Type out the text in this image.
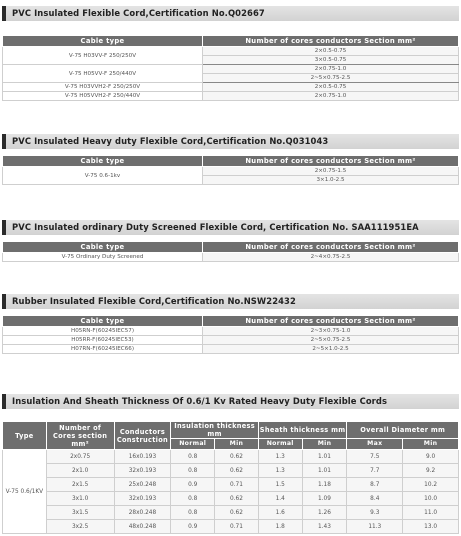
PVC Insulated Flexible Cord,Certification No.Q02667
Cable type	Number of cores conductors Section mm²
V-75 H03VV-F 250/250V	2×0.5-0.75
	3×0.5-0.75
V-75 H05VV-F 250/440V	2×0.75-1.0
	2~5×0.75-2.5
V-75 H03VVH2-F 250/250V	2×0.5-0.75
V-75 H05VVH2-F 250/440V	2×0.75-1.0
PVC Insulated Heavy duty Flexible Cord,Certification No.Q031043
Cable type	Number of cores conductors Section mm²
V-75 0.6-1kv	2×0.75-1.5
	3×1.0-2.5
PVC Insulated ordinary Duty Screened Flexible Cord, Certification No. SAA111951EA
Cable type	Number of cores conductors Section mm²
V-75 Ordinary Duty Screened	2~4×0.75-2.5
Rubber Insulated Flexible Cord,Certification No.NSW22432
Cable type	Number of cores conductors Section mm²
H05RN-F(60245IEC57)	2~3×0.75-1.0
H05RR-F(60245IEC53)	2~5×0.75-2.5
H07RN-F(60245IEC66)	2~5×1.0-2.5
Insulation And Sheath Thickness Of 0.6/1 Kv Rated Heavy Duty Flexible Cords
Type	Number of Cores section mm²	Conductors Construction	Insulation thickness mm		Sheath thickness mm		Overall Diameter mm	
			Normal	Min	Normal	Min	Max	Min
V-75 0.6/1KV	2x0.75	16x0.193	0.8	0.62	1.3	1.01	7.5	9.0
	2x1.0	32x0.193	0.8	0.62	1.3	1.01	7.7	9.2
	2x1.5	25x0.248	0.9	0.71	1.5	1.18	8.7	10.2
	3x1.0	32x0.193	0.8	0.62	1.4	1.09	8.4	10.0
	3x1.5	28x0.248	0.8	0.62	1.6	1.26	9.3	11.0
	3x2.5	48x0.248	0.9	0.71	1.8	1.43	11.3	13.0
